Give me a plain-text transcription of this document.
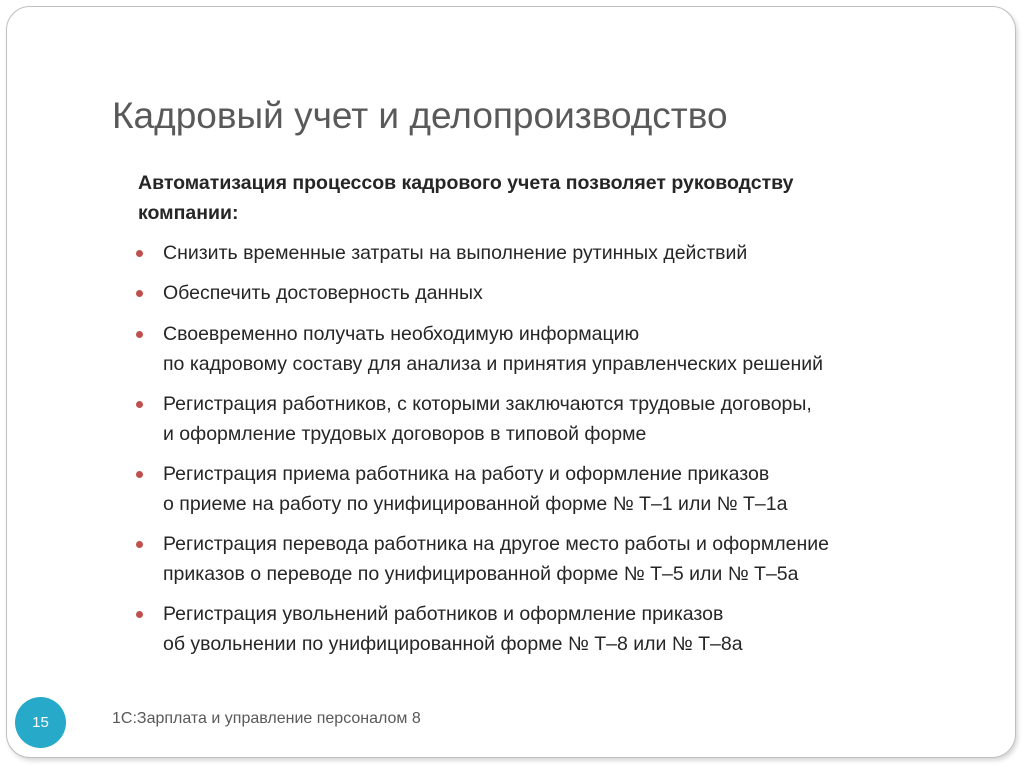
Кадровый учет и делопроизводство

Автоматизация процессов кадрового учета позволяет руководству компании:

Снизить временные затраты на выполнение рутинных действий
Обеспечить достоверность данных
Своевременно получать необходимую информацию
по кадровому составу для анализа и принятия управленческих решений
Регистрация работников, с которыми заключаются трудовые договоры,
и оформление трудовых договоров в типовой форме
Регистрация приема работника на работу и оформление приказов
о приеме на работу по унифицированной форме № Т–1 или № Т–1а
Регистрация перевода работника на другое место работы и оформление
приказов о переводе по унифицированной форме № Т–5 или № Т–5а
Регистрация увольнений работников и оформление приказов
об увольнении по унифицированной форме № Т–8 или № Т–8а
15	1С:Зарплата и управление персоналом 8
